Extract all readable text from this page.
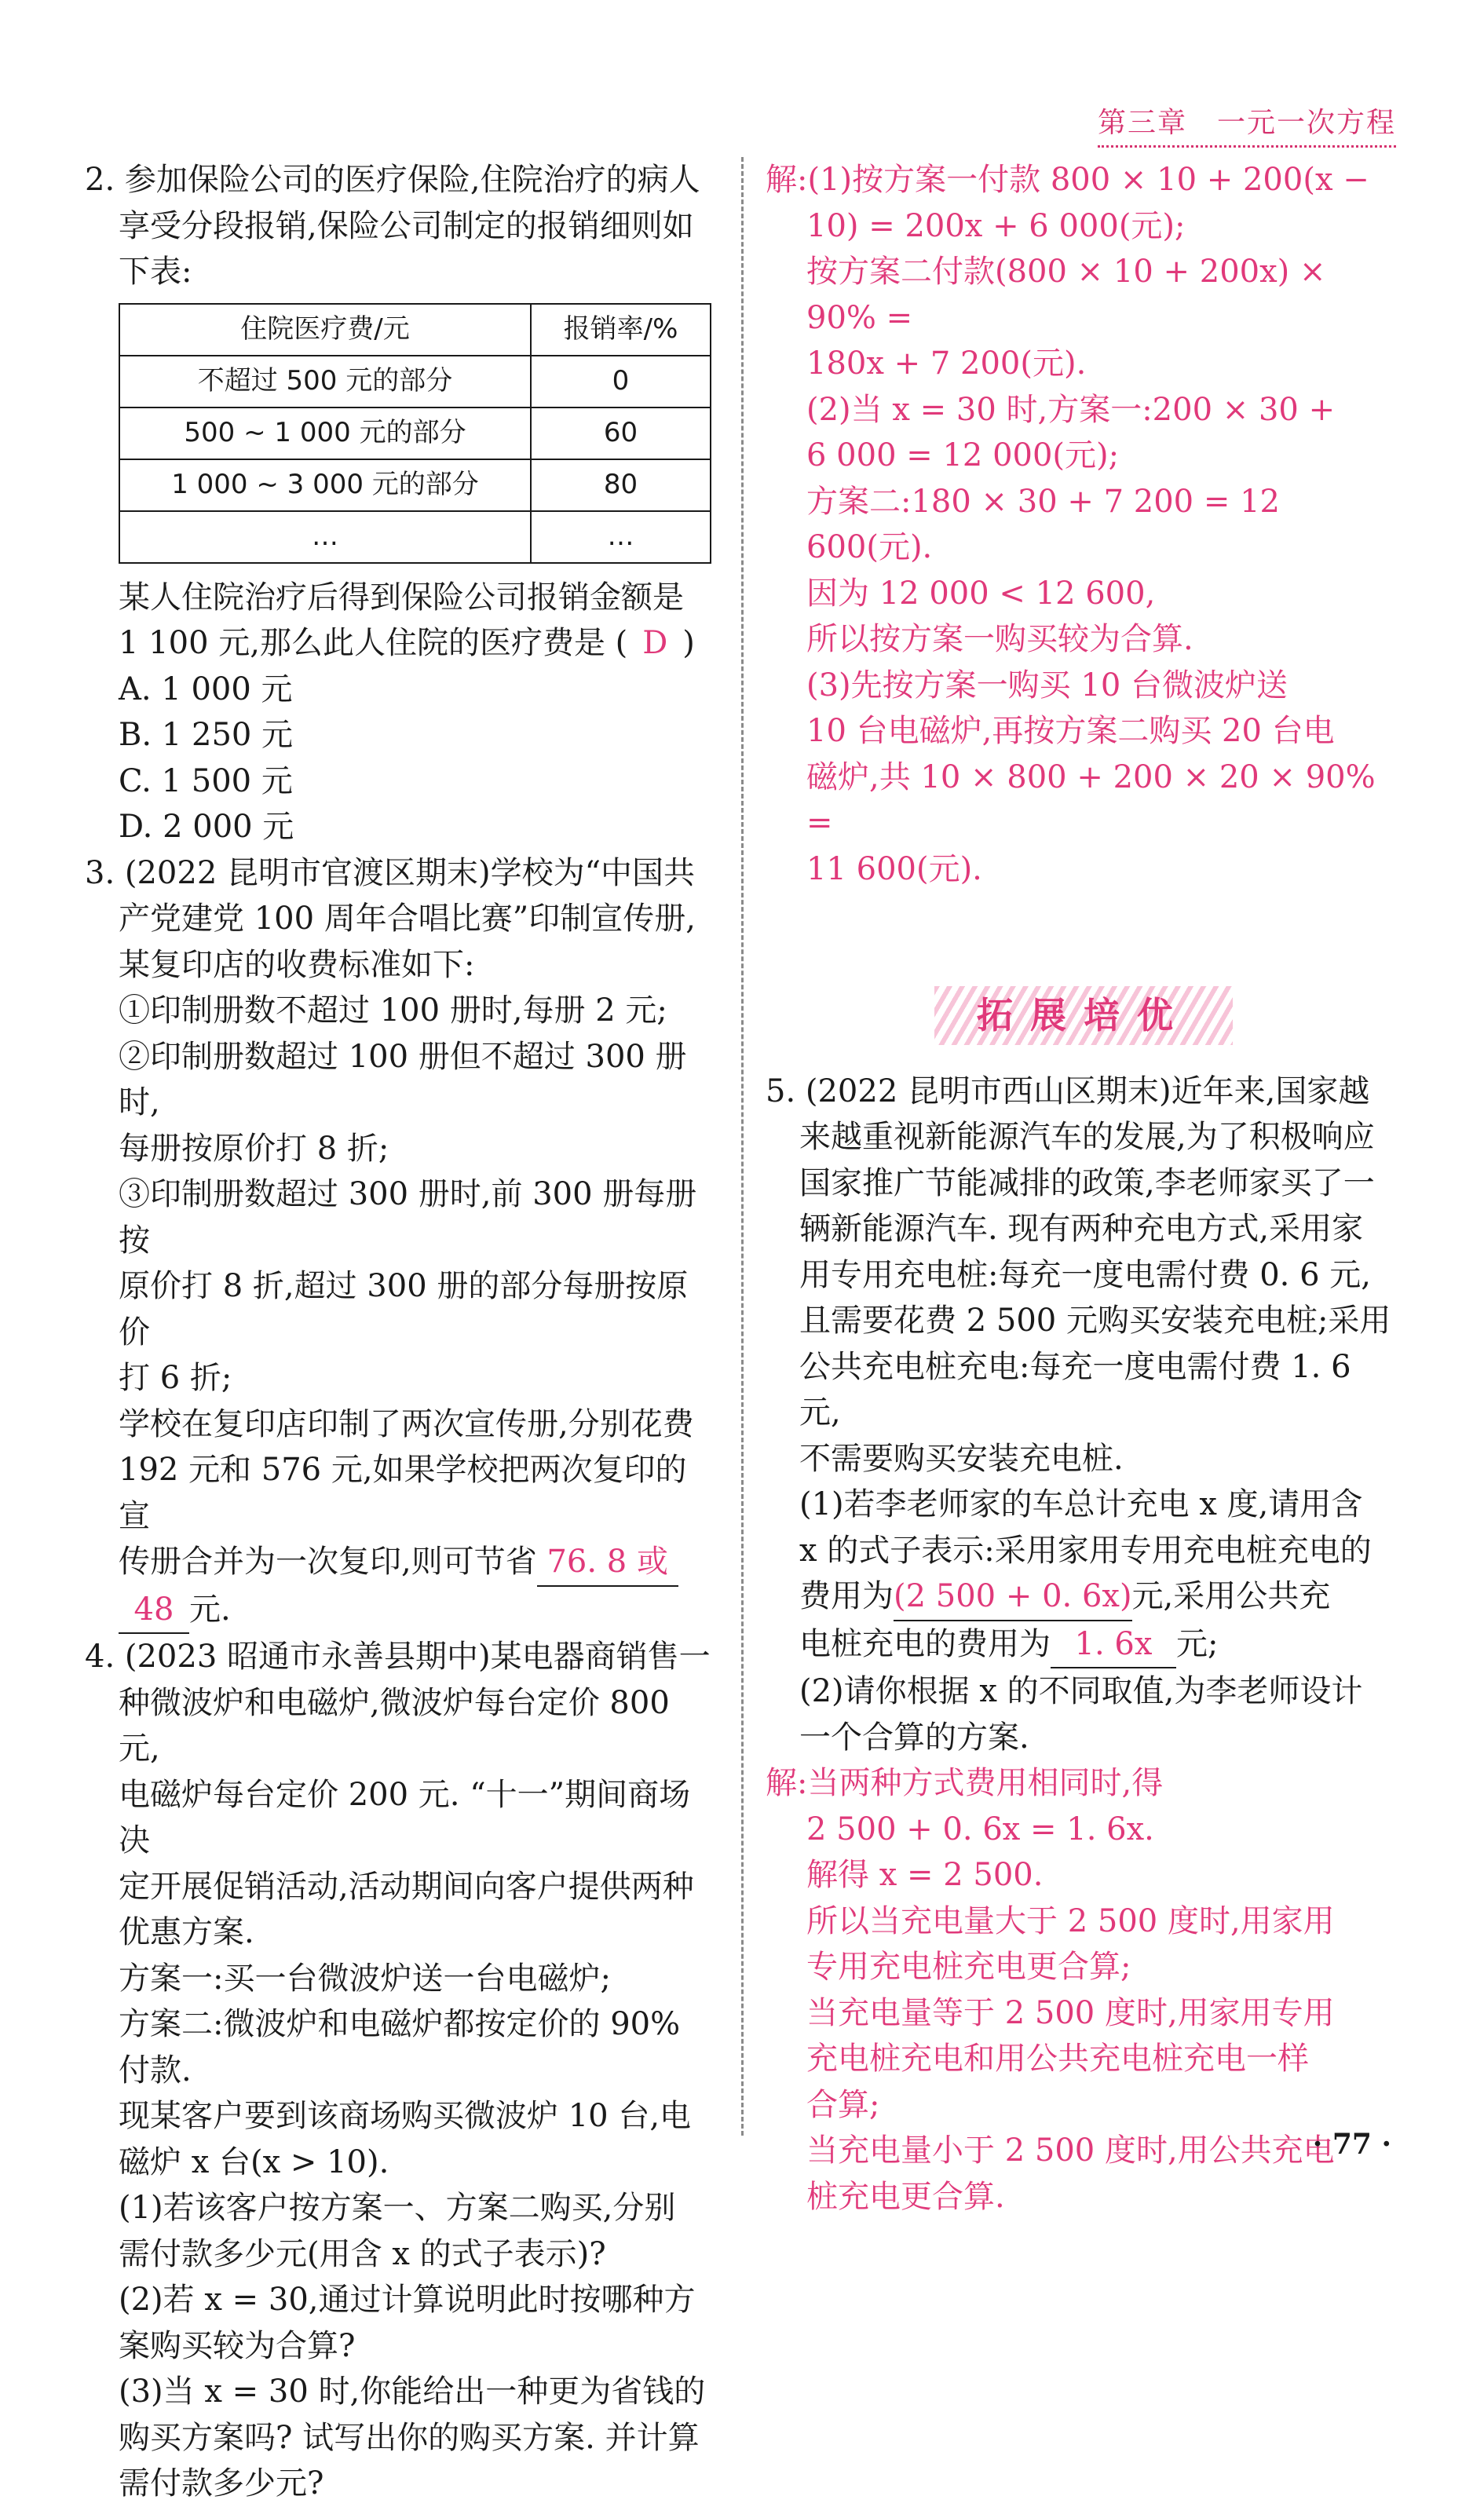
第三章　一元一次方程

2. 参加保险公司的医疗保险,住院治疗的病人

享受分段报销,保险公司制定的报销细则如

下表:

住院医疗费/元	报销率/%
不超过 500 元的部分	0
500 ~ 1 000 元的部分	60
1 000 ~ 3 000 元的部分	80
…	…

某人住院治疗后得到保险公司报销金额是

1 100 元,那么此人住院的医疗费是 ( D )

A. 1 000 元
B. 1 250 元
C. 1 500 元
D. 2 000 元

3. (2022 昆明市官渡区期末)学校为“中国共

产党建党 100 周年合唱比赛”印制宣传册,

某复印店的收费标准如下:

①印制册数不超过 100 册时,每册 2 元;

②印制册数超过 100 册但不超过 300 册时,

每册按原价打 8 折;

③印制册数超过 300 册时,前 300 册每册按

原价打 8 折,超过 300 册的部分每册按原价

打 6 折;

学校在复印店印制了两次宣传册,分别花费

192 元和 576 元,如果学校把两次复印的宣

传册合并为一次复印,则可节省 76. 8 或

48 元.

4. (2023 昭通市永善县期中)某电器商销售一

种微波炉和电磁炉,微波炉每台定价 800 元,

电磁炉每台定价 200 元. “十一”期间商场决

定开展促销活动,活动期间向客户提供两种

优惠方案.

方案一:买一台微波炉送一台电磁炉;

方案二:微波炉和电磁炉都按定价的 90%

付款.

现某客户要到该商场购买微波炉 10 台,电

磁炉 x 台(x > 10).

(1)若该客户按方案一、方案二购买,分别

需付款多少元(用含 x 的式子表示)?

(2)若 x = 30,通过计算说明此时按哪种方

案购买较为合算?

(3)当 x = 30 时,你能给出一种更为省钱的

购买方案吗? 试写出你的购买方案. 并计算

需付款多少元?

解:(1)按方案一付款 800 × 10 + 200(x −

10) = 200x + 6 000(元);

按方案二付款(800 × 10 + 200x) × 90% =

180x + 7 200(元).

(2)当 x = 30 时,方案一:200 × 30 +

6 000 = 12 000(元);

方案二:180 × 30 + 7 200 = 12 600(元).

因为 12 000 < 12 600,

所以按方案一购买较为合算.

(3)先按方案一购买 10 台微波炉送

10 台电磁炉,再按方案二购买 20 台电

磁炉,共 10 × 800 + 200 × 20 × 90% =

11 600(元).

拓展培优

5. (2022 昆明市西山区期末)近年来,国家越

来越重视新能源汽车的发展,为了积极响应

国家推广节能减排的政策,李老师家买了一

辆新能源汽车. 现有两种充电方式,采用家

用专用充电桩:每充一度电需付费 0. 6 元,

且需要花费 2 500 元购买安装充电桩;采用

公共充电桩充电:每充一度电需付费 1. 6 元,

不需要购买安装充电桩.

(1)若李老师家的车总计充电 x 度,请用含

x 的式子表示:采用家用专用充电桩充电的

费用为(2 500 + 0. 6x)元,采用公共充

电桩充电的费用为 1. 6x 元;

(2)请你根据 x 的不同取值,为李老师设计

一个合算的方案.

解:当两种方式费用相同时,得

2 500 + 0. 6x = 1. 6x.

解得 x = 2 500.

所以当充电量大于 2 500 度时,用家用

专用充电桩充电更合算;

当充电量等于 2 500 度时,用家用专用

充电桩充电和用公共充电桩充电一样

合算;

当充电量小于 2 500 度时,用公共充电

桩充电更合算.

· 77 ·
